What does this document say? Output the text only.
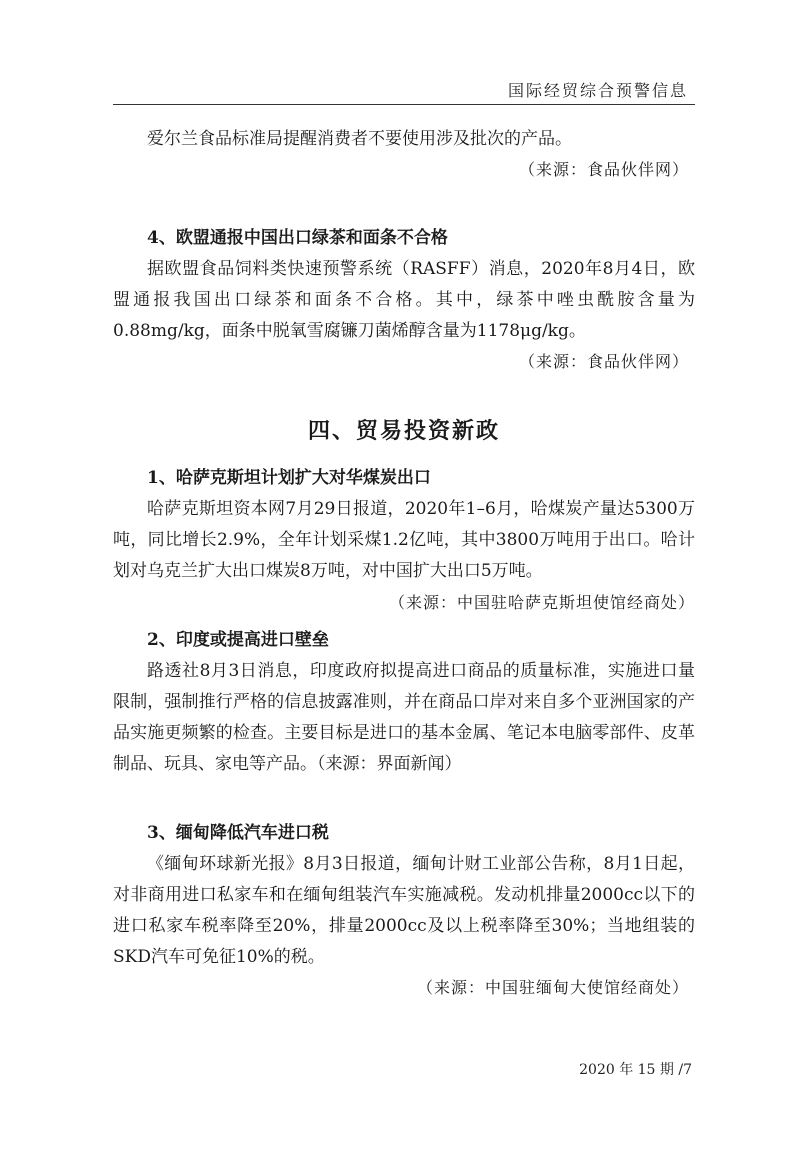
国际经贸综合预警信息

爱尔兰食品标准局提醒消费者不要使用涉及批次的产品。

（来源：食品伙伴网）

4、欧盟通报中国出口绿茶和面条不合格

据欧盟食品饲料类快速预警系统（RASFF）消息，2020年8月4日，欧盟通报我国出口绿茶和面条不合格。其中，绿茶中唑虫酰胺含量为0.88mg/kg，面条中脱氧雪腐镰刀菌烯醇含量为1178μg/kg。

（来源：食品伙伴网）

四、贸易投资新政

1、哈萨克斯坦计划扩大对华煤炭出口

哈萨克斯坦资本网7月29日报道，2020年1–6月，哈煤炭产量达5300万吨，同比增长2.9%，全年计划采煤1.2亿吨，其中3800万吨用于出口。哈计划对乌克兰扩大出口煤炭8万吨，对中国扩大出口5万吨。
（来源：中国驻哈萨克斯坦使馆经商处）

2、印度或提高进口壁垒

路透社8月3日消息，印度政府拟提高进口商品的质量标准，实施进口量限制，强制推行严格的信息披露准则，并在商品口岸对来自多个亚洲国家的产品实施更频繁的检查。主要目标是进口的基本金属、笔记本电脑零部件、皮革制品、玩具、家电等产品。（来源：界面新闻）

3、缅甸降低汽车进口税

《缅甸环球新光报》8月3日报道，缅甸计财工业部公告称，8月1日起，对非商用进口私家车和在缅甸组装汽车实施减税。发动机排量2000cc以下的进口私家车税率降至20%，排量2000cc及以上税率降至30%；当地组装的SKD汽车可免征10%的税。

（来源：中国驻缅甸大使馆经商处）

2020 年 15 期 /7
